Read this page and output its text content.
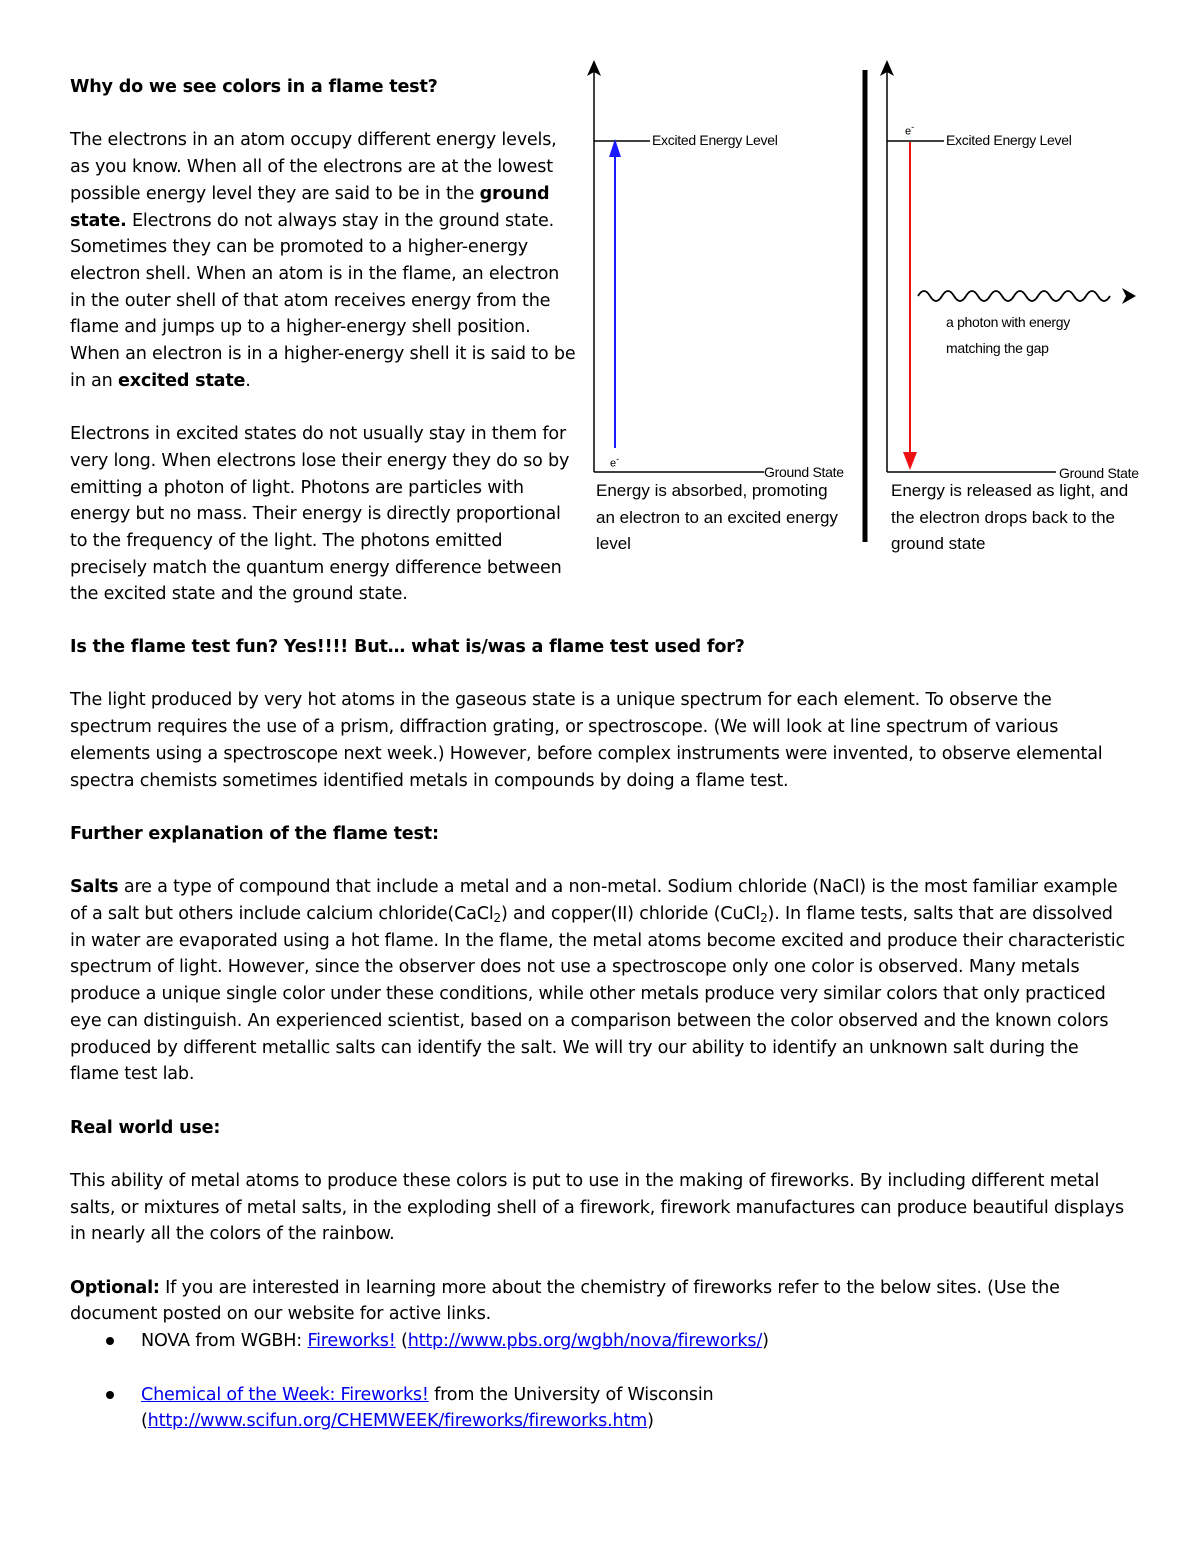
Why do we see colors in a flame test?

The electrons in an atom occupy different energy levels, as you know. When all of the electrons are at the lowest possible energy level they are said to be in the ground state. Electrons do not always stay in the ground state. Sometimes they can be promoted to a higher-energy electron shell. When an atom is in the flame, an electron in the outer shell of that atom receives energy from the flame and jumps up to a higher-energy shell position. When an electron is in a higher-energy shell it is said to be in an excited state.

Electrons in excited states do not usually stay in them for very long. When electrons lose their energy they do so by emitting a photon of light. Photons are particles with energy but no mass. Their energy is directly proportional to the frequency of the light. The photons emitted precisely match the quantum energy difference between the excited state and the ground state.

Excited Energy Level
Ground State
e-
Energy is absorbed, promoting an electron to an excited energy level
e-
Excited Energy Level
a photon with energy
matching the gap
Ground State
Energy is released as light, and the electron drops back to the ground state

Is the flame test fun? Yes!!!! But… what is/was a flame test used for?

The light produced by very hot atoms in the gaseous state is a unique spectrum for each element. To observe the spectrum requires the use of a prism, diffraction grating, or spectroscope. (We will look at line spectrum of various elements using a spectroscope next week.) However, before complex instruments were invented, to observe elemental spectra chemists sometimes identified metals in compounds by doing a flame test.

Further explanation of the flame test:

Salts are a type of compound that include a metal and a non-metal. Sodium chloride (NaCl) is the most familiar example of a salt but others include calcium chloride(CaCl$_2$) and copper(II) chloride (CuCl$_2$). In flame tests, salts that are dissolved in water are evaporated using a hot flame. In the flame, the metal atoms become excited and produce their characteristic spectrum of light. However, since the observer does not use a spectroscope only one color is observed. Many metals produce a unique single color under these conditions, while other metals produce very similar colors that only practiced eye can distinguish. An experienced scientist, based on a comparison between the color observed and the known colors produced by different metallic salts can identify the salt. We will try our ability to identify an unknown salt during the flame test lab.

Real world use:

This ability of metal atoms to produce these colors is put to use in the making of fireworks. By including different metal salts, or mixtures of metal salts, in the exploding shell of a firework, firework manufactures can produce beautiful displays in nearly all the colors of the rainbow.

Optional: If you are interested in learning more about the chemistry of fireworks refer to the below sites. (Use the document posted on our website for active links.

NOVA from WGBH: Fireworks! (http://www.pbs.org/wgbh/nova/fireworks/)
Chemical of the Week: Fireworks! from the University of Wisconsin
(http://www.scifun.org/CHEMWEEK/fireworks/fireworks.htm)
